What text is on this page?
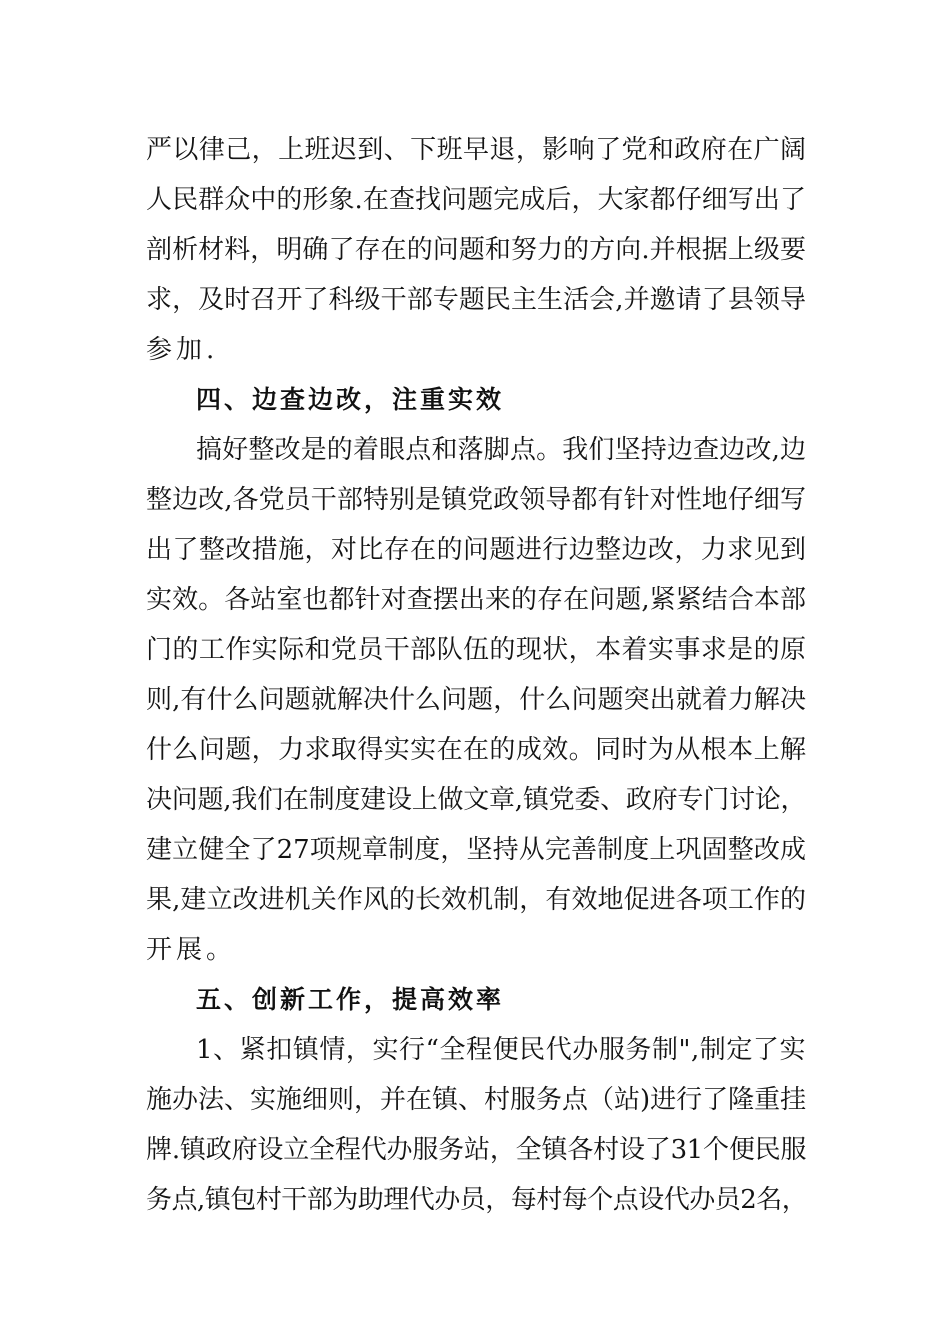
严以律己，上班迟到、下班早退，影响了党和政府在广阔

人民群众中的形象.在查找问题完成后，大家都仔细写出了

剖析材料，明确了存在的问题和努力的方向.并根据上级要

求，及时召开了科级干部专题民主生活会,并邀请了县领导

参加.

四、边查边改，注重实效

搞好整改是的着眼点和落脚点。我们坚持边查边改,边

整边改,各党员干部特别是镇党政领导都有针对性地仔细写

出了整改措施，对比存在的问题进行边整边改，力求见到

实效。各站室也都针对查摆出来的存在问题,紧紧结合本部

门的工作实际和党员干部队伍的现状，本着实事求是的原

则,有什么问题就解决什么问题，什么问题突出就着力解决

什么问题，力求取得实实在在的成效。同时为从根本上解

决问题,我们在制度建设上做文章,镇党委、政府专门讨论，

建立健全了27项规章制度，坚持从完善制度上巩固整改成

果,建立改进机关作风的长效机制，有效地促进各项工作的

开展。

五、创新工作，提高效率

1、紧扣镇情，实行“全程便民代办服务制",制定了实

施办法、实施细则，并在镇、村服务点（站)进行了隆重挂

牌.镇政府设立全程代办服务站，全镇各村设了31个便民服

务点,镇包村干部为助理代办员，每村每个点设代办员2名，
